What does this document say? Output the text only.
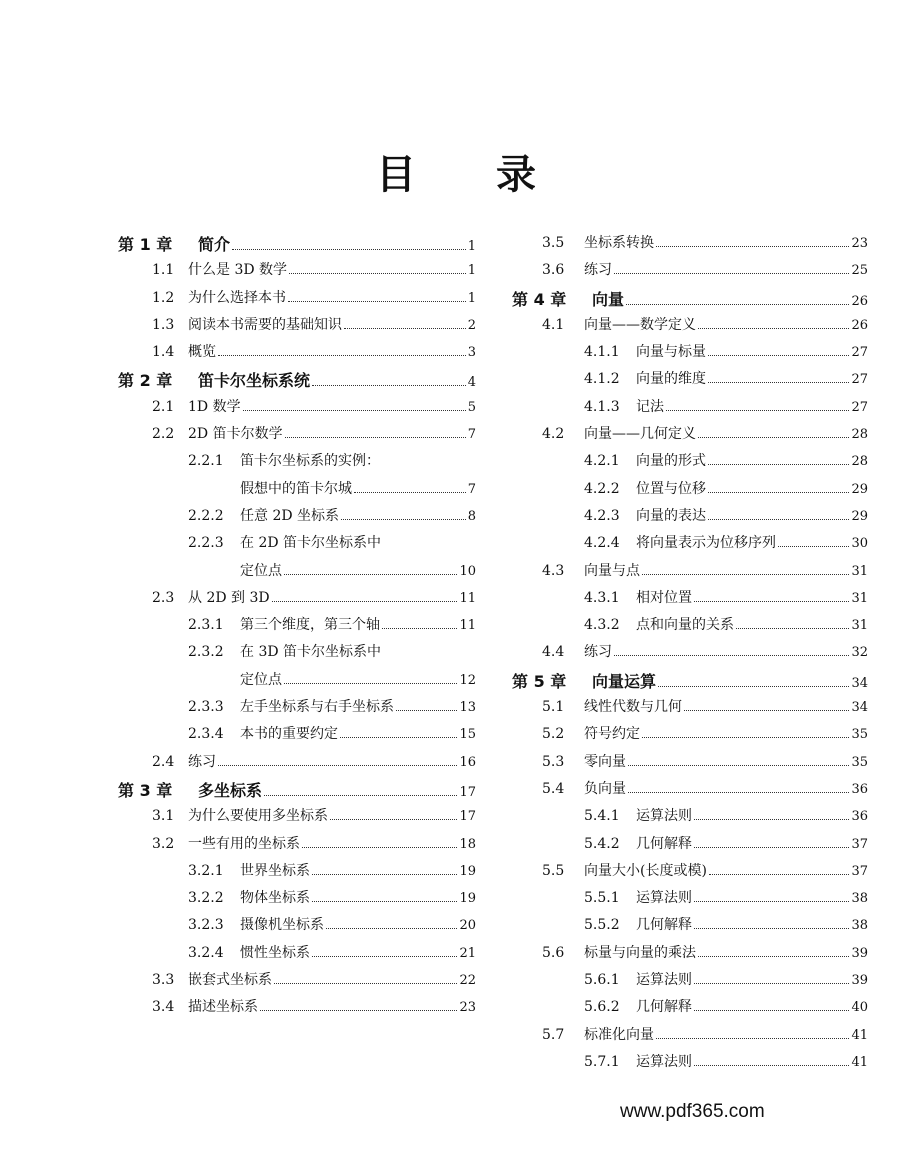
目 录
第 1 章	简介	1
1.1 什么是 3D 数学	1
1.2 为什么选择本书	1
1.3 阅读本书需要的基础知识	2
1.4 概览	3
第 2 章	笛卡尔坐标系统	4
2.1 1D 数学	5
2.2 2D 笛卡尔数学	7
2.2.1	笛卡尔坐标系的实例：
假想中的笛卡尔城	7
2.2.2	任意 2D 坐标系	8
2.2.3	在 2D 笛卡尔坐标系中
定位点	10
2.3 从 2D 到 3D	11
2.3.1	第三个维度，第三个轴	11
2.3.2	在 3D 笛卡尔坐标系中
定位点	12
2.3.3	左手坐标系与右手坐标系	13
2.3.4	本书的重要约定	15
2.4 练习	16
第 3 章	多坐标系	17
3.1 为什么要使用多坐标系	17
3.2 一些有用的坐标系	18
3.2.1	世界坐标系	19
3.2.2	物体坐标系	19
3.2.3	摄像机坐标系	20
3.2.4	惯性坐标系	21
3.3 嵌套式坐标系	22
3.4 描述坐标系	23
3.5	坐标系转换	23
3.6	练习	25
第 4 章	向量	26
4.1	向量——数学定义	26
4.1.1	向量与标量	27
4.1.2	向量的维度	27
4.1.3	记法	27
4.2	向量——几何定义	28
4.2.1	向量的形式	28
4.2.2	位置与位移	29
4.2.3	向量的表达	29
4.2.4	将向量表示为位移序列	30
4.3	向量与点	31
4.3.1	相对位置	31
4.3.2	点和向量的关系	31
4.4	练习	32
第 5 章	向量运算	34
5.1	线性代数与几何	34
5.2	符号约定	35
5.3	零向量	35
5.4	负向量	36
5.4.1	运算法则	36
5.4.2	几何解释	37
5.5	向量大小(长度或模)	37
5.5.1	运算法则	38
5.5.2	几何解释	38
5.6	标量与向量的乘法	39
5.6.1	运算法则	39
5.6.2	几何解释	40
5.7	标准化向量	41
5.7.1	运算法则	41
www.pdf365.com
